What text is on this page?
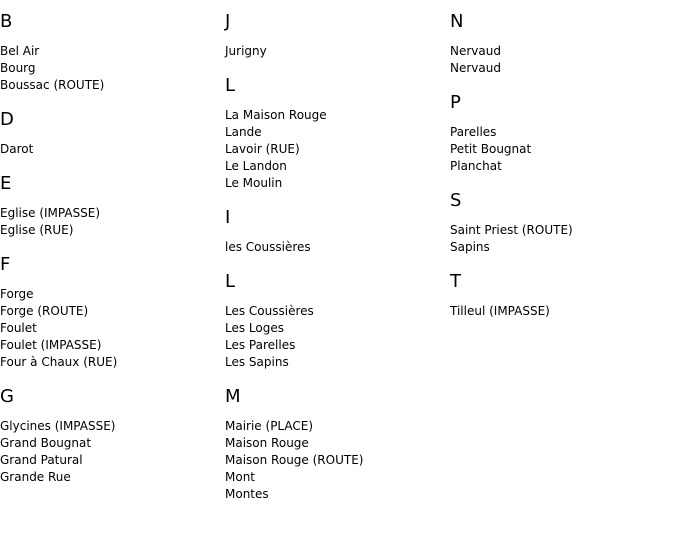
B
Bel Air
Bourg
Boussac (ROUTE)
D
Darot
E
Eglise (IMPASSE)
Eglise (RUE)
F
Forge
Forge (ROUTE)
Foulet
Foulet (IMPASSE)
Four à Chaux (RUE)
G
Glycines (IMPASSE)
Grand Bougnat
Grand Patural
Grande Rue
J
Jurigny
L
La Maison Rouge
Lande
Lavoir (RUE)
Le Landon
Le Moulin
I
les Coussières
L
Les Coussières
Les Loges
Les Parelles
Les Sapins
M
Mairie (PLACE)
Maison Rouge
Maison Rouge (ROUTE)
Mont
Montes
N
Nervaud
Nervaud
P
Parelles
Petit Bougnat
Planchat
S
Saint Priest (ROUTE)
Sapins
T
Tilleul (IMPASSE)
